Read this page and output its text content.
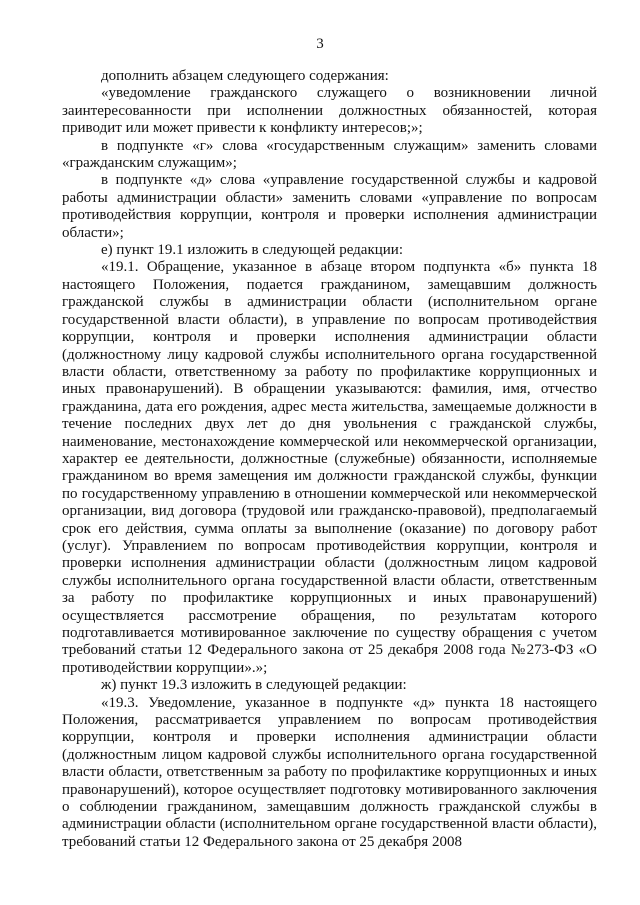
3

дополнить абзацем следующего содержания:

«уведомление гражданского служащего о возникновении личной заинтересованности при исполнении должностных обязанностей, которая приводит или может привести к конфликту интересов;»;

в подпункте «г» слова «государственным служащим» заменить словами «гражданским служащим»;

в подпункте «д» слова «управление государственной службы и кадровой работы администрации области» заменить словами «управление по вопросам противодействия коррупции, контроля и проверки исполнения администрации области»;

е) пункт 19.1 изложить в следующей редакции:

«19.1. Обращение, указанное в абзаце втором подпункта «б» пункта 18 настоящего Положения, подается гражданином, замещавшим должность гражданской службы в администрации области (исполнительном органе государственной власти области), в управление по вопросам противодействия коррупции, контроля и проверки исполнения администрации области (должностному лицу кадровой службы исполнительного органа государственной власти области, ответственному за работу по профилактике коррупционных и иных правонарушений). В обращении указываются: фамилия, имя, отчество гражданина, дата его рождения, адрес места жительства, замещаемые должности в течение последних двух лет до дня увольнения с гражданской службы, наименование, местонахождение коммерческой или некоммерческой организации, характер ее деятельности, должностные (служебные) обязанности, исполняемые гражданином во время замещения им должности гражданской службы, функции по государственному управлению в отношении коммерческой или некоммерческой организации, вид договора (трудовой или гражданско-правовой), предполагаемый срок его действия, сумма оплаты за выполнение (оказание) по договору работ (услуг). Управлением по вопросам противодействия коррупции, контроля и проверки исполнения администрации области (должностным лицом кадровой службы исполнительного органа государственной власти области, ответственным за работу по профилактике коррупционных и иных правонарушений) осуществляется рассмотрение обращения, по результатам которого подготавливается мотивированное заключение по существу обращения с учетом требований статьи 12 Федерального закона от 25 декабря 2008 года №273-ФЗ «О противодействии коррупции».»;

ж) пункт 19.3 изложить в следующей редакции:

«19.3. Уведомление, указанное в подпункте «д» пункта 18 настоящего Положения, рассматривается управлением по вопросам противодействия коррупции, контроля и проверки исполнения администрации области (должностным лицом кадровой службы исполнительного органа государственной власти области, ответственным за работу по профилактике коррупционных и иных правонарушений), которое осуществляет подготовку мотивированного заключения о соблюдении гражданином, замещавшим должность гражданской службы в администрации области (исполнительном органе государственной власти области), требований статьи 12 Федерального закона от 25 декабря 2008
